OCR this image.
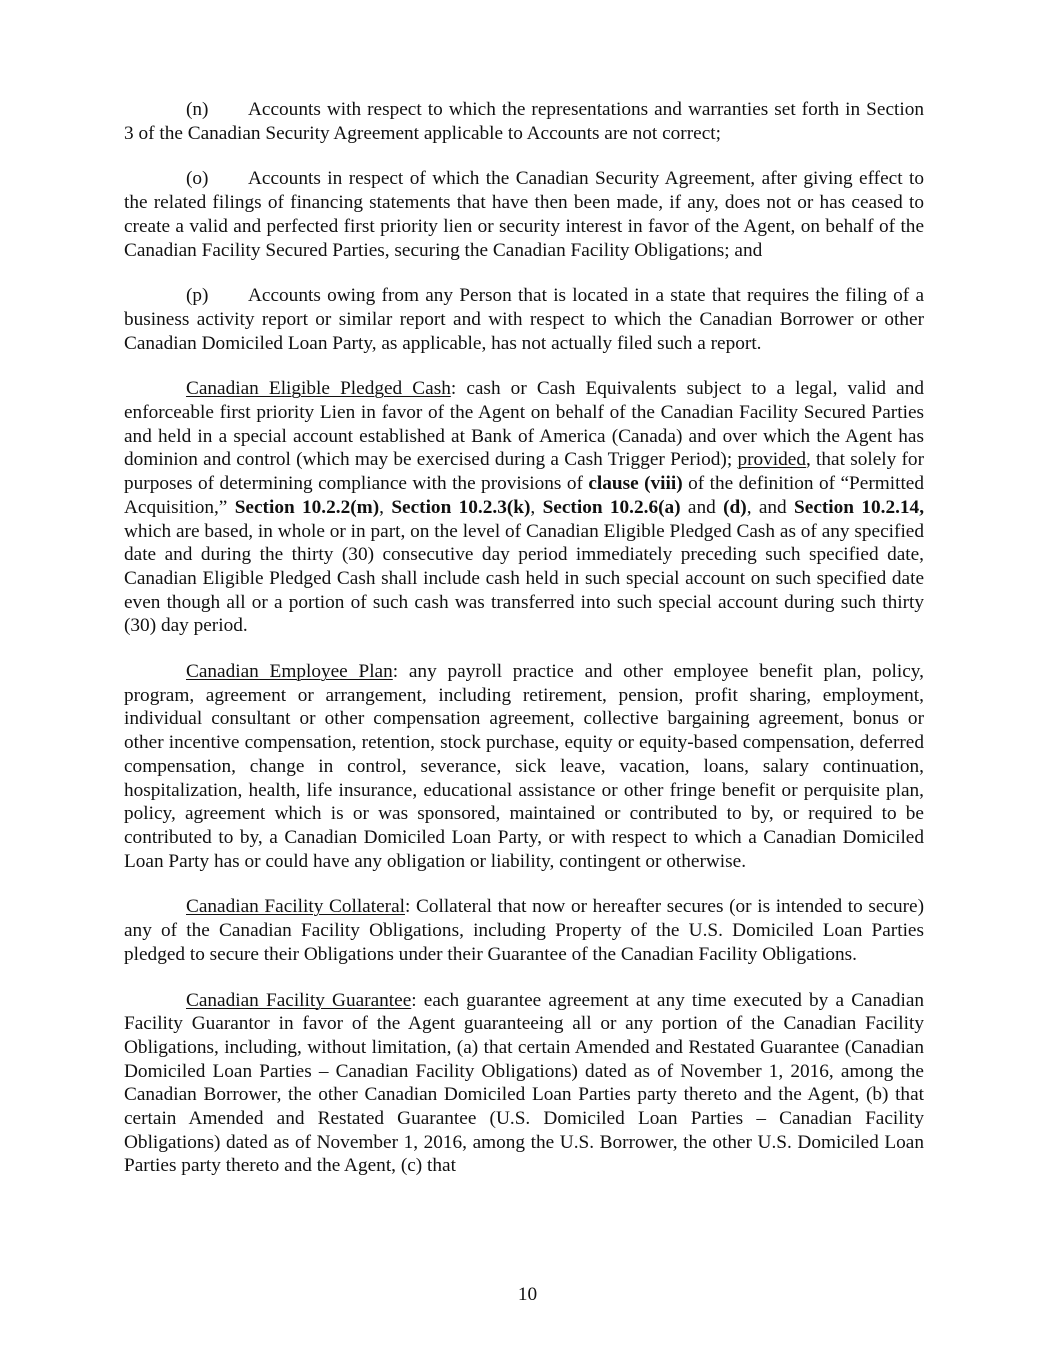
(n) Accounts with respect to which the representations and warranties set forth in Section 3 of the Canadian Security Agreement applicable to Accounts are not correct;

(o) Accounts in respect of which the Canadian Security Agreement, after giving effect to the related filings of financing statements that have then been made, if any, does not or has ceased to create a valid and perfected first priority lien or security interest in favor of the Agent, on behalf of the Canadian Facility Secured Parties, securing the Canadian Facility Obligations; and

(p) Accounts owing from any Person that is located in a state that requires the filing of a business activity report or similar report and with respect to which the Canadian Borrower or other Canadian Domiciled Loan Party, as applicable, has not actually filed such a report.

Canadian Eligible Pledged Cash: cash or Cash Equivalents subject to a legal, valid and enforceable first priority Lien in favor of the Agent on behalf of the Canadian Facility Secured Parties and held in a special account established at Bank of America (Canada) and over which the Agent has dominion and control (which may be exercised during a Cash Trigger Period); provided, that solely for purposes of determining compliance with the provisions of clause (viii) of the definition of “Permitted Acquisition,” Section 10.2.2(m), Section 10.2.3(k), Section 10.2.6(a) and (d), and Section 10.2.14, which are based, in whole or in part, on the level of Canadian Eligible Pledged Cash as of any specified date and during the thirty (30) consecutive day period immediately preceding such specified date, Canadian Eligible Pledged Cash shall include cash held in such special account on such specified date even though all or a portion of such cash was transferred into such special account during such thirty (30) day period.

Canadian Employee Plan: any payroll practice and other employee benefit plan, policy, program, agreement or arrangement, including retirement, pension, profit sharing, employment, individual consultant or other compensation agreement, collective bargaining agreement, bonus or other incentive compensation, retention, stock purchase, equity or equity-based compensation, deferred compensation, change in control, severance, sick leave, vacation, loans, salary continuation, hospitalization, health, life insurance, educational assistance or other fringe benefit or perquisite plan, policy, agreement which is or was sponsored, maintained or contributed to by, or required to be contributed to by, a Canadian Domiciled Loan Party, or with respect to which a Canadian Domiciled Loan Party has or could have any obligation or liability, contingent or otherwise.

Canadian Facility Collateral: Collateral that now or hereafter secures (or is intended to secure) any of the Canadian Facility Obligations, including Property of the U.S. Domiciled Loan Parties pledged to secure their Obligations under their Guarantee of the Canadian Facility Obligations.

Canadian Facility Guarantee: each guarantee agreement at any time executed by a Canadian Facility Guarantor in favor of the Agent guaranteeing all or any portion of the Canadian Facility Obligations, including, without limitation, (a) that certain Amended and Restated Guarantee (Canadian Domiciled Loan Parties – Canadian Facility Obligations) dated as of November 1, 2016, among the Canadian Borrower, the other Canadian Domiciled Loan Parties party thereto and the Agent, (b) that certain Amended and Restated Guarantee (U.S. Domiciled Loan Parties – Canadian Facility Obligations) dated as of November 1, 2016, among the U.S. Borrower, the other U.S. Domiciled Loan Parties party thereto and the Agent, (c) that

10
